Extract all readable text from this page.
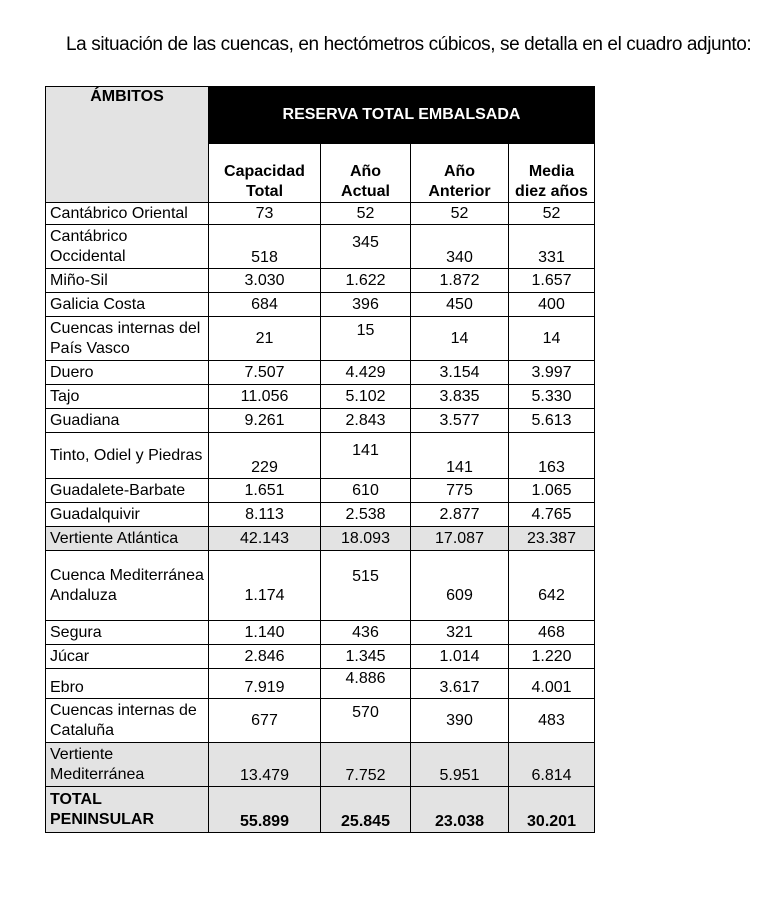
La situación de las cuencas, en hectómetros cúbicos, se detalla en el cuadro adjunto:
ÁMBITOS	RESERVA TOTAL EMBALSADA			
	Capacidad Total	Año Actual	Año Anterior	Media diez años
Cantábrico Oriental	73	52	52	52
Cantábrico Occidental	518	345	340	331
Miño-Sil	3.030	1.622	1.872	1.657
Galicia Costa	684	396	450	400
Cuencas internas del País Vasco	21	15	14	14
Duero	7.507	4.429	3.154	3.997
Tajo	11.056	5.102	3.835	5.330
Guadiana	9.261	2.843	3.577	5.613
Tinto, Odiel y Piedras	229	141	141	163
Guadalete-Barbate	1.651	610	775	1.065
Guadalquivir	8.113	2.538	2.877	4.765
Vertiente Atlántica	42.143	18.093	17.087	23.387
Cuenca Mediterránea Andaluza	1.174	515	609	642
Segura	1.140	436	321	468
Júcar	2.846	1.345	1.014	1.220
Ebro	7.919	4.886	3.617	4.001
Cuencas internas de Cataluña	677	570	390	483
Vertiente Mediterránea	13.479	7.752	5.951	6.814
TOTAL PENINSULAR	55.899	25.845	23.038	30.201
